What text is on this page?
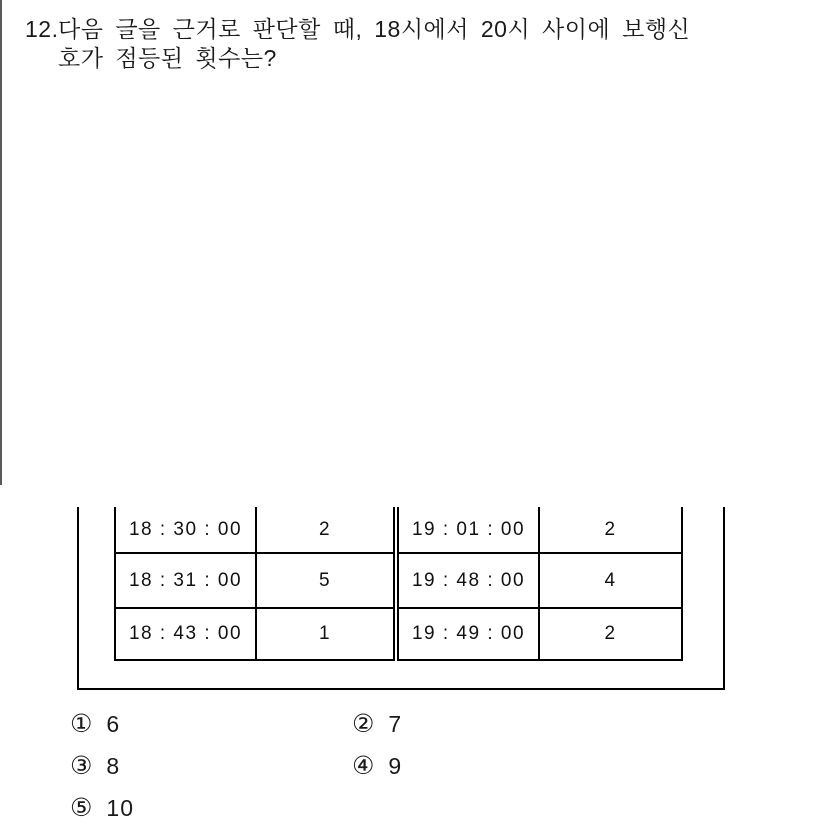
12. 다음 글을 근거로 판단할 때, 18시에서 20시 사이에 보행신
호가 점등된 횟수는?
18 : 30 : 00	2	19 : 01 : 00	2
18 : 31 : 00	5	19 : 48 : 00	4
18 : 43 : 00	1	19 : 49 : 00	2
① 6	② 7
③ 8	④ 9
⑤ 10
